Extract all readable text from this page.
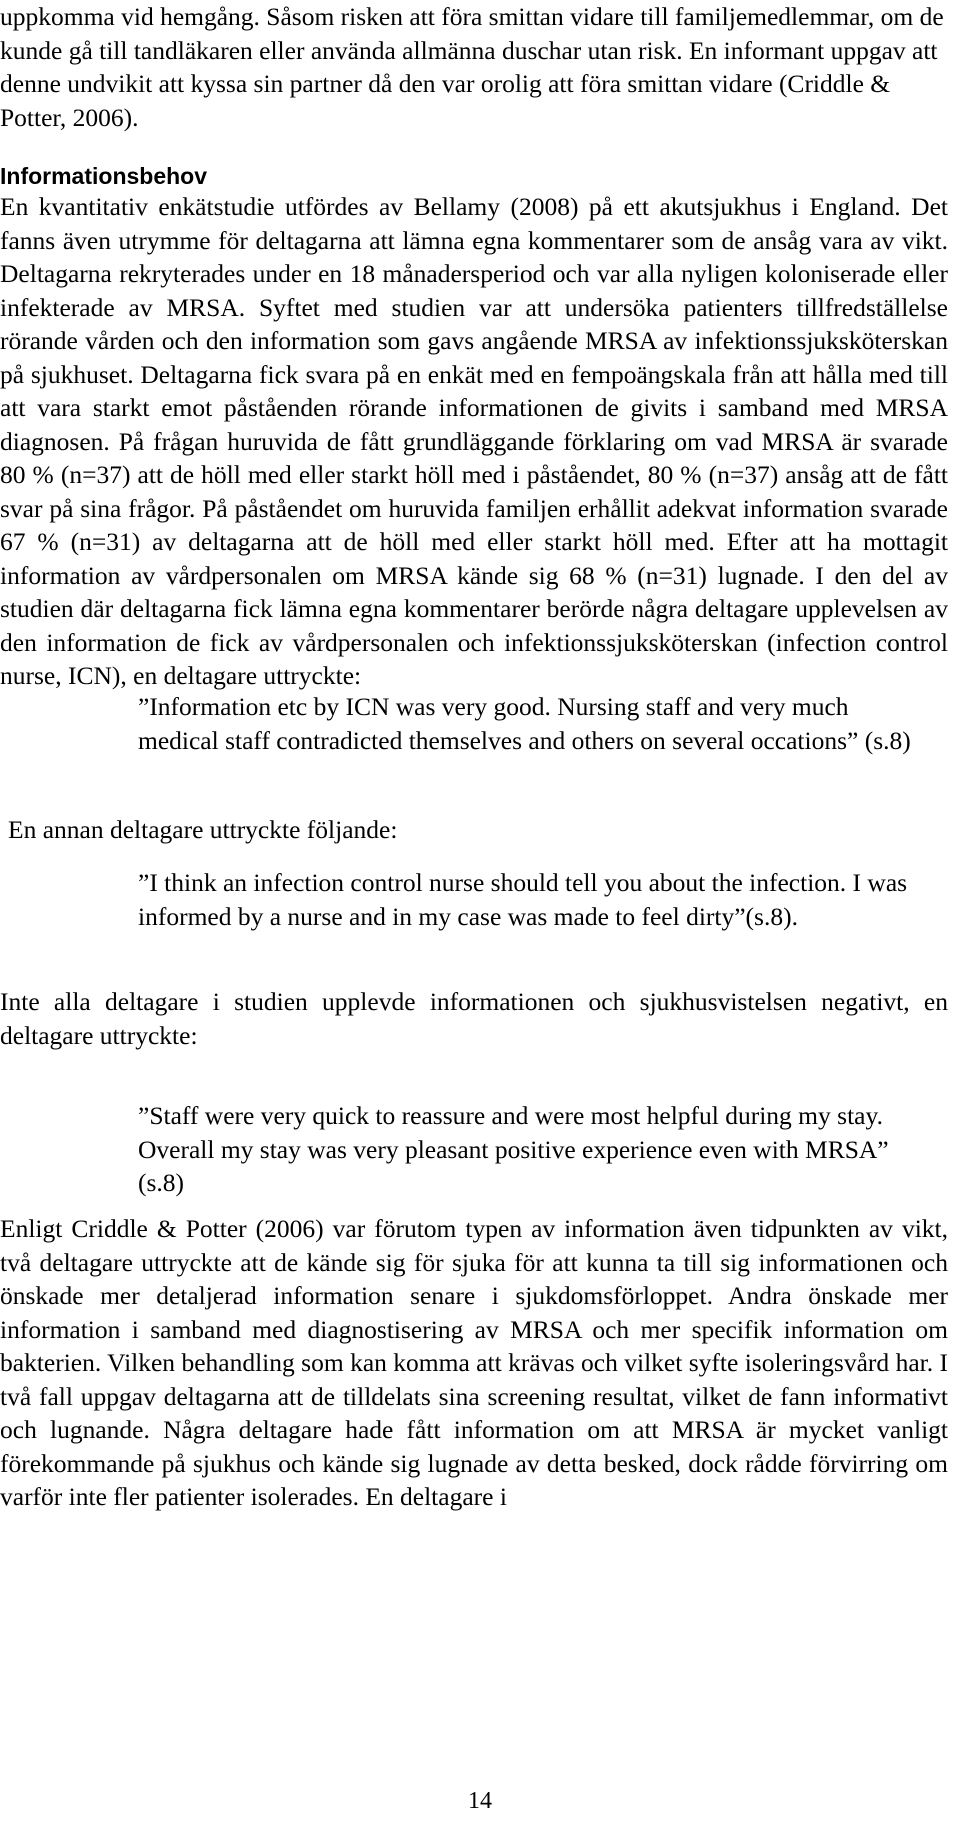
uppkomma vid hemgång. Såsom risken att föra smittan vidare till familjemedlemmar, om de kunde gå till tandläkaren eller använda allmänna duschar utan risk. En informant uppgav att denne undvikit att kyssa sin partner då den var orolig att föra smittan vidare (Criddle & Potter, 2006).

Informationsbehov

En kvantitativ enkätstudie utfördes av Bellamy (2008) på ett akutsjukhus i England. Det fanns även utrymme för deltagarna att lämna egna kommentarer som de ansåg vara av vikt. Deltagarna rekryterades under en 18 månadersperiod och var alla nyligen koloniserade eller infekterade av MRSA. Syftet med studien var att undersöka patienters tillfredställelse rörande vården och den information som gavs angående MRSA av infektionssjuksköterskan på sjukhuset. Deltagarna fick svara på en enkät med en fempoängskala från att hålla med till att vara starkt emot påståenden rörande informationen de givits i samband med MRSA diagnosen. På frågan huruvida de fått grundläggande förklaring om vad MRSA är svarade 80 % (n=37) att de höll med eller starkt höll med i påståendet, 80 % (n=37) ansåg att de fått svar på sina frågor. På påståendet om huruvida familjen erhållit adekvat information svarade 67 % (n=31) av deltagarna att de höll med eller starkt höll med. Efter att ha mottagit information av vårdpersonalen om MRSA kände sig 68 % (n=31) lugnade. I den del av studien där deltagarna fick lämna egna kommentarer berörde några deltagare upplevelsen av den information de fick av vårdpersonalen och infektionssjuksköterskan (infection control nurse, ICN), en deltagare uttryckte:

”Information etc by ICN was very good. Nursing staff and very much medical staff contradicted themselves and others on several occations” (s.8)

En annan deltagare uttryckte följande:

”I think an infection control nurse should tell you about the infection. I was informed by a nurse and in my case was made to feel dirty”(s.8).

Inte alla deltagare i studien upplevde informationen och sjukhusvistelsen negativt, en deltagare uttryckte:

”Staff were very quick to reassure and were most helpful during my stay. Overall my stay was very pleasant positive experience even with MRSA” (s.8)

Enligt Criddle & Potter (2006) var förutom typen av information även tidpunkten av vikt, två deltagare uttryckte att de kände sig för sjuka för att kunna ta till sig informationen och önskade mer detaljerad information senare i sjukdomsförloppet. Andra önskade mer information i samband med diagnostisering av MRSA och mer specifik information om bakterien. Vilken behandling som kan komma att krävas och vilket syfte isoleringsvård har. I två fall uppgav deltagarna att de tilldelats sina screening resultat, vilket de fann informativt och lugnande. Några deltagare hade fått information om att MRSA är mycket vanligt förekommande på sjukhus och kände sig lugnade av detta besked, dock rådde förvirring om varför inte fler patienter isolerades. En deltagare i

14
